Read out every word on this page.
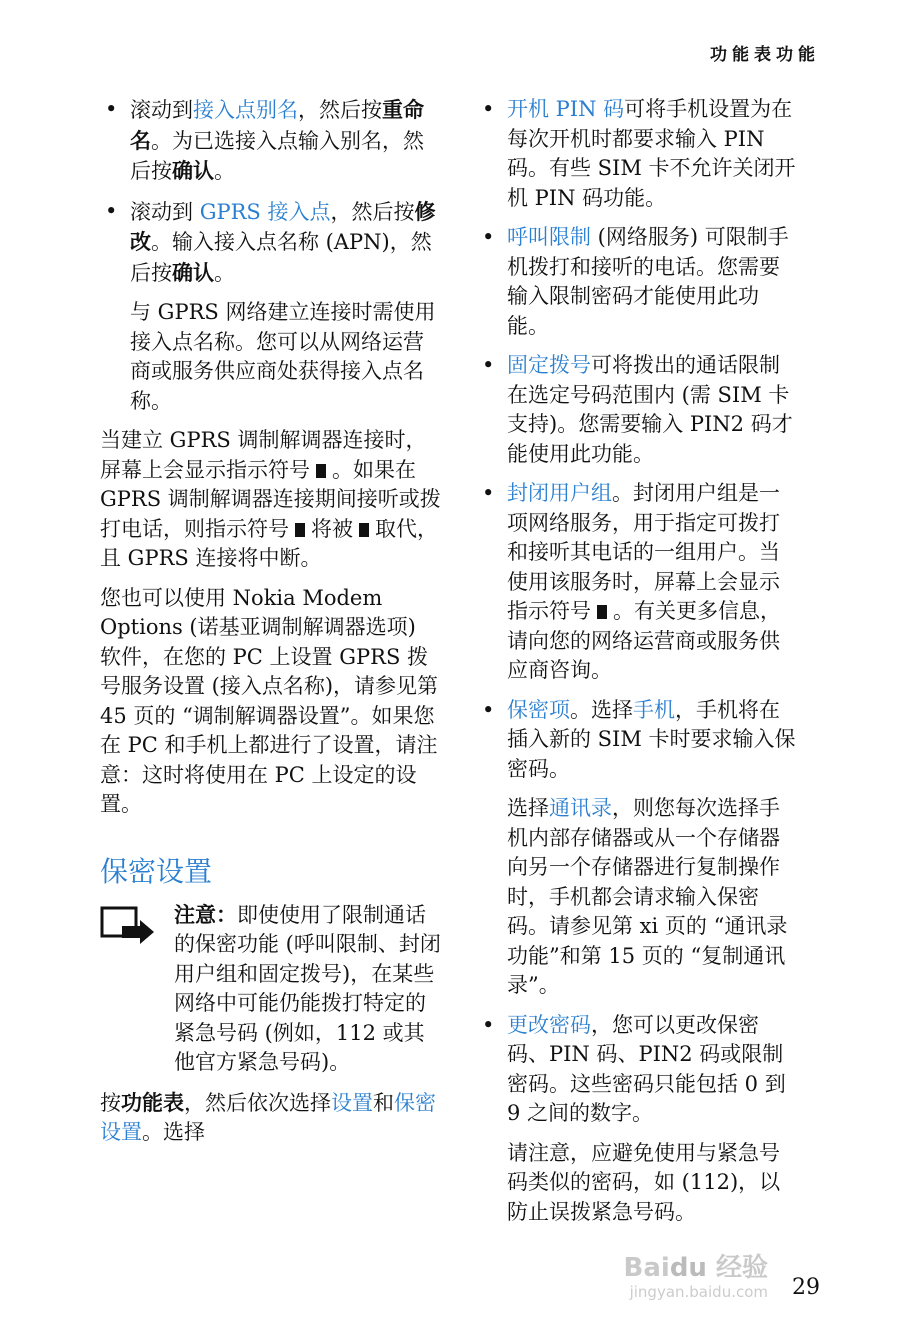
功能表功能
• 滚动到接入点别名，然后按重命名。为已选接入点输入别名，然后按确认。
• 滚动到 GPRS 接入点，然后按修改。输入接入点名称 (APN)，然后按确认。
与 GPRS 网络建立连接时需使用接入点名称。您可以从网络运营商或服务供应商处获得接入点名称。
当建立 GPRS 调制解调器连接时，屏幕上会显示指示符号 。如果在 GPRS 调制解调器连接期间接听或拨打电话，则指示符号 将被 取代，且 GPRS 连接将中断。
您也可以使用 Nokia Modem Options (诺基亚调制解调器选项) 软件，在您的 PC 上设置 GPRS 拨号服务设置 (接入点名称)，请参见第 45 页的 “调制解调器设置”。如果您在 PC 和手机上都进行了设置，请注意：这时将使用在 PC 上设定的设置。
保密设置
注意：即使使用了限制通话的保密功能 (呼叫限制、封闭用户组和固定拨号)，在某些网络中可能仍能拨打特定的紧急号码 (例如，112 或其他官方紧急号码)。
按功能表，然后依次选择设置和保密设置。选择
• 开机 PIN 码可将手机设置为在每次开机时都要求输入 PIN 码。有些 SIM 卡不允许关闭开机 PIN 码功能。
• 呼叫限制 (网络服务) 可限制手机拨打和接听的电话。您需要输入限制密码才能使用此功能。
• 固定拨号可将拨出的通话限制在选定号码范围内 (需 SIM 卡支持)。您需要输入 PIN2 码才能使用此功能。
• 封闭用户组。封闭用户组是一项网络服务，用于指定可拨打和接听其电话的一组用户。当使用该服务时，屏幕上会显示指示符号 。有关更多信息，请向您的网络运营商或服务供应商咨询。
• 保密项。选择手机，手机将在插入新的 SIM 卡时要求输入保密码。
选择通讯录，则您每次选择手机内部存储器或从一个存储器向另一个存储器进行复制操作时，手机都会请求输入保密码。请参见第 xi 页的 “通讯录功能”和第 15 页的 “复制通讯录”。
• 更改密码，您可以更改保密码、PIN 码、PIN2 码或限制密码。这些密码只能包括 0 到 9 之间的数字。
请注意，应避免使用与紧急号码类似的密码，如 (112)，以防止误拨紧急号码。
Baidu 经验
jingyan.baidu.com 29
